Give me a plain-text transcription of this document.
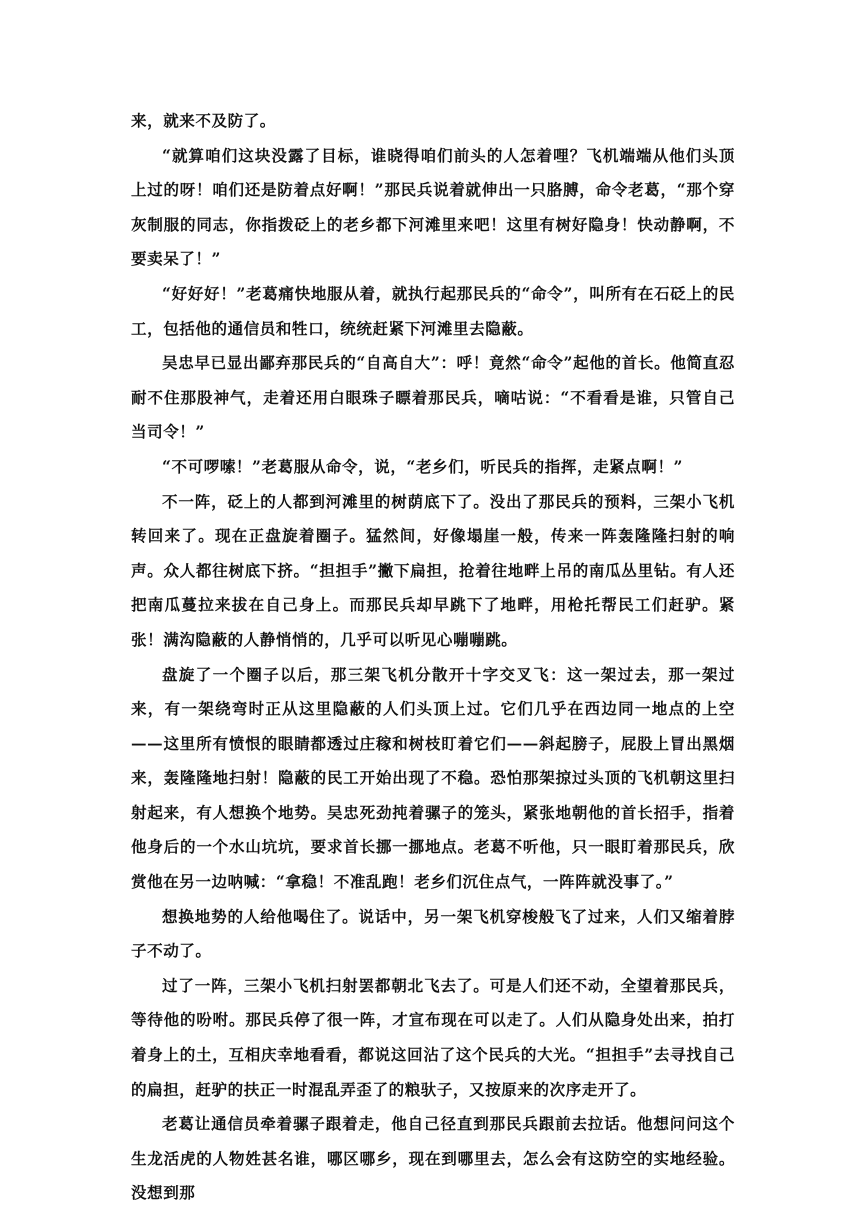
来，就来不及防了。

“就算咱们这块没露了目标，谁晓得咱们前头的人怎着哩？飞机端端从他们头顶上过的呀！咱们还是防着点好啊！”那民兵说着就伸出一只胳膊，命令老葛，“那个穿灰制服的同志，你指拨砭上的老乡都下河滩里来吧！这里有树好隐身！快动静啊，不要卖呆了！”

“好好好！”老葛痛快地服从着，就执行起那民兵的“命令”，叫所有在石砭上的民工，包括他的通信员和牲口，统统赶紧下河滩里去隐蔽。

吴忠早已显出鄙弃那民兵的“自高自大”：呼！竟然“命令”起他的首长。他简直忍耐不住那股神气，走着还用白眼珠子瞟着那民兵，嘀咕说：“不看看是谁，只管自己当司令！”

“不可啰嗦！”老葛服从命令，说，“老乡们，听民兵的指挥，走紧点啊！”

不一阵，砭上的人都到河滩里的树荫底下了。没出了那民兵的预料，三架小飞机转回来了。现在正盘旋着圈子。猛然间，好像塌崖一般，传来一阵轰隆隆扫射的响声。众人都往树底下挤。“担担手”撇下扁担，抢着往地畔上吊的南瓜丛里钻。有人还把南瓜蔓拉来拔在自己身上。而那民兵却早跳下了地畔，用枪托帮民工们赶驴。紧张！满沟隐蔽的人静悄悄的，几乎可以听见心嘣嘣跳。

盘旋了一个圈子以后，那三架飞机分散开十字交叉飞：这一架过去，那一架过来，有一架绕弯时正从这里隐蔽的人们头顶上过。它们几乎在西边同一地点的上空——这里所有愤恨的眼睛都透过庄稼和树枝盯着它们——斜起膀子，屁股上冒出黑烟来，轰隆隆地扫射！隐蔽的民工开始出现了不稳。恐怕那架掠过头顶的飞机朝这里扫射起来，有人想换个地势。吴忠死劲扽着骡子的笼头，紧张地朝他的首长招手，指着他身后的一个水山坑坑，要求首长挪一挪地点。老葛不听他，只一眼盯着那民兵，欣赏他在另一边呐喊：“拿稳！不准乱跑！老乡们沉住点气，一阵阵就没事了。”

想换地势的人给他喝住了。说话中，另一架飞机穿梭般飞了过来，人们又缩着脖子不动了。

过了一阵，三架小飞机扫射罢都朝北飞去了。可是人们还不动，全望着那民兵，等待他的吩咐。那民兵停了很一阵，才宣布现在可以走了。人们从隐身处出来，拍打着身上的土，互相庆幸地看看，都说这回沾了这个民兵的大光。“担担手”去寻找自己的扁担，赶驴的扶正一时混乱弄歪了的粮驮子，又按原来的次序走开了。

老葛让通信员牵着骡子跟着走，他自己径直到那民兵跟前去拉话。他想问问这个生龙活虎的人物姓甚名谁，哪区哪乡，现在到哪里去，怎么会有这防空的实地经验。没想到那
